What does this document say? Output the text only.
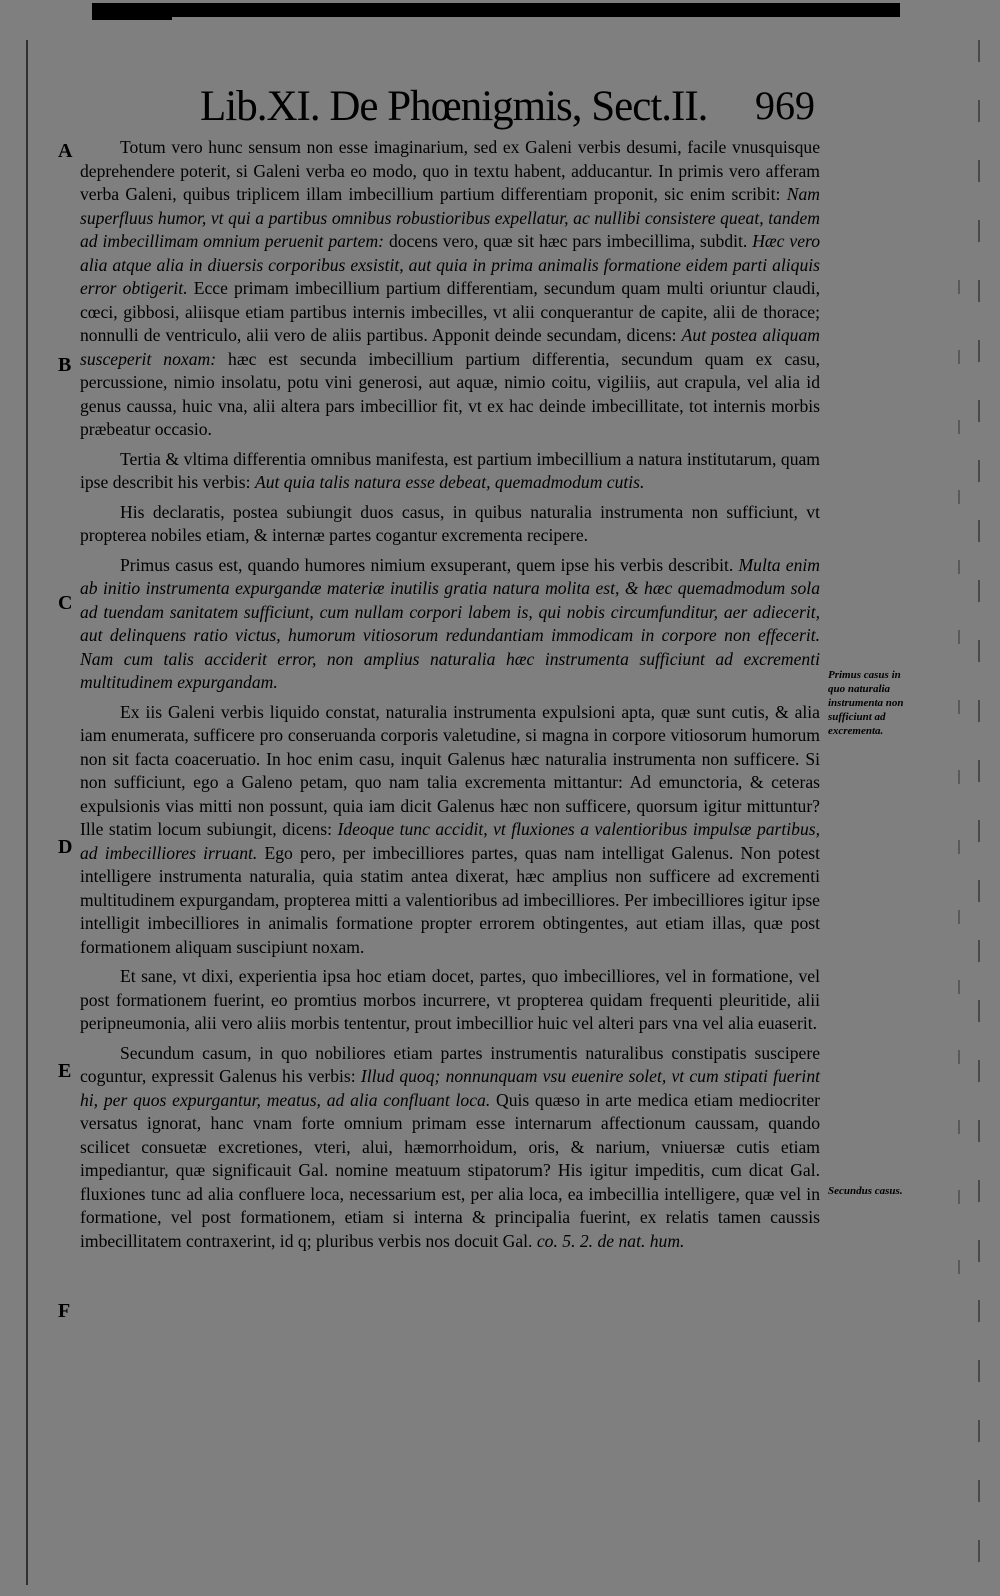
Lib.XI. De Phœnigmis, Sect.II. 969
A
B
C
D
E
F
Primus casus in quo naturalia instrumenta non sufficiunt ad excrementa.
Secundus casus.

Totum vero hunc sensum non esse imaginarium, sed ex Galeni verbis desumi, facile vnusquisque deprehendere poterit, si Galeni verba eo modo, quo in textu habent, adducantur. In primis vero afferam verba Galeni, quibus triplicem illam imbecillium partium differentiam proponit, sic enim scribit: Nam superfluus humor, vt qui a partibus omnibus robustioribus expellatur, ac nullibi consistere queat, tandem ad imbecillimam omnium peruenit partem: docens vero, quæ sit hæc pars imbecillima, subdit. Hæc vero alia atque alia in diuersis corporibus exsistit, aut quia in prima animalis formatione eidem parti aliquis error obtigerit. Ecce primam imbecillium partium differentiam, secundum quam multi oriuntur claudi, cœci, gibbosi, aliisque etiam partibus internis imbecilles, vt alii conquerantur de capite, alii de thorace; nonnulli de ventriculo, alii vero de aliis partibus. Apponit deinde secundam, dicens: Aut postea aliquam susceperit noxam: hæc est secunda imbecillium partium differentia, secundum quam ex casu, percussione, nimio insolatu, potu vini generosi, aut aquæ, nimio coitu, vigiliis, aut crapula, vel alia id genus caussa, huic vna, alii altera pars imbecillior fit, vt ex hac deinde imbecillitate, tot internis morbis præbeatur occasio.

Tertia & vltima differentia omnibus manifesta, est partium imbecillium a natura institutarum, quam ipse describit his verbis: Aut quia talis natura esse debeat, quemadmodum cutis.

His declaratis, postea subiungit duos casus, in quibus naturalia instrumenta non sufficiunt, vt propterea nobiles etiam, & internæ partes cogantur excrementa recipere.

Primus casus est, quando humores nimium exsuperant, quem ipse his verbis describit. Multa enim ab initio instrumenta expurgandæ materiæ inutilis gratia natura molita est, & hæc quemadmodum sola ad tuendam sanitatem sufficiunt, cum nullam corpori labem is, qui nobis circumfunditur, aer adiecerit, aut delinquens ratio victus, humorum vitiosorum redundantiam immodicam in corpore non effecerit. Nam cum talis acciderit error, non amplius naturalia hæc instrumenta sufficiunt ad excrementi multitudinem expurgandam.

Ex iis Galeni verbis liquido constat, naturalia instrumenta expulsioni apta, quæ sunt cutis, & alia iam enumerata, sufficere pro conseruanda corporis valetudine, si magna in corpore vitiosorum humorum non sit facta coaceruatio. In hoc enim casu, inquit Galenus hæc naturalia instrumenta non sufficere. Si non sufficiunt, ego a Galeno petam, quo nam talia excrementa mittantur: Ad emunctoria, & ceteras expulsionis vias mitti non possunt, quia iam dicit Galenus hæc non sufficere, quorsum igitur mittuntur? Ille statim locum subiungit, dicens: Ideoque tunc accidit, vt fluxiones a valentioribus impulsæ partibus, ad imbecilliores irruant. Ego pero, per imbecilliores partes, quas nam intelligat Galenus. Non potest intelligere instrumenta naturalia, quia statim antea dixerat, hæc amplius non sufficere ad excrementi multitudinem expurgandam, propterea mitti a valentioribus ad imbecilliores. Per imbecilliores igitur ipse intelligit imbecilliores in animalis formatione propter errorem obtingentes, aut etiam illas, quæ post formationem aliquam suscipiunt noxam.

Et sane, vt dixi, experientia ipsa hoc etiam docet, partes, quo imbecilliores, vel in formatione, vel post formationem fuerint, eo promtius morbos incurrere, vt propterea quidam frequenti pleuritide, alii peripneumonia, alii vero aliis morbis tententur, prout imbecillior huic vel alteri pars vna vel alia euaserit.

Secundum casum, in quo nobiliores etiam partes instrumentis naturalibus constipatis suscipere coguntur, expressit Galenus his verbis: Illud quoq; nonnunquam vsu euenire solet, vt cum stipati fuerint hi, per quos expurgantur, meatus, ad alia confluant loca. Quis quæso in arte medica etiam mediocriter versatus ignorat, hanc vnam forte omnium primam esse internarum affectionum caussam, quando scilicet consuetæ excretiones, vteri, alui, hæmorrhoidum, oris, & narium, vniuersæ cutis etiam impediantur, quæ significauit Gal. nomine meatuum stipatorum? His igitur impeditis, cum dicat Gal. fluxiones tunc ad alia confluere loca, necessarium est, per alia loca, ea imbecillia intelligere, quæ vel in formatione, vel post formationem, etiam si interna & principalia fuerint, ex relatis tamen caussis imbecillitatem contraxerint, id q; pluribus verbis nos docuit Gal. co. 5. 2. de nat. hum.
